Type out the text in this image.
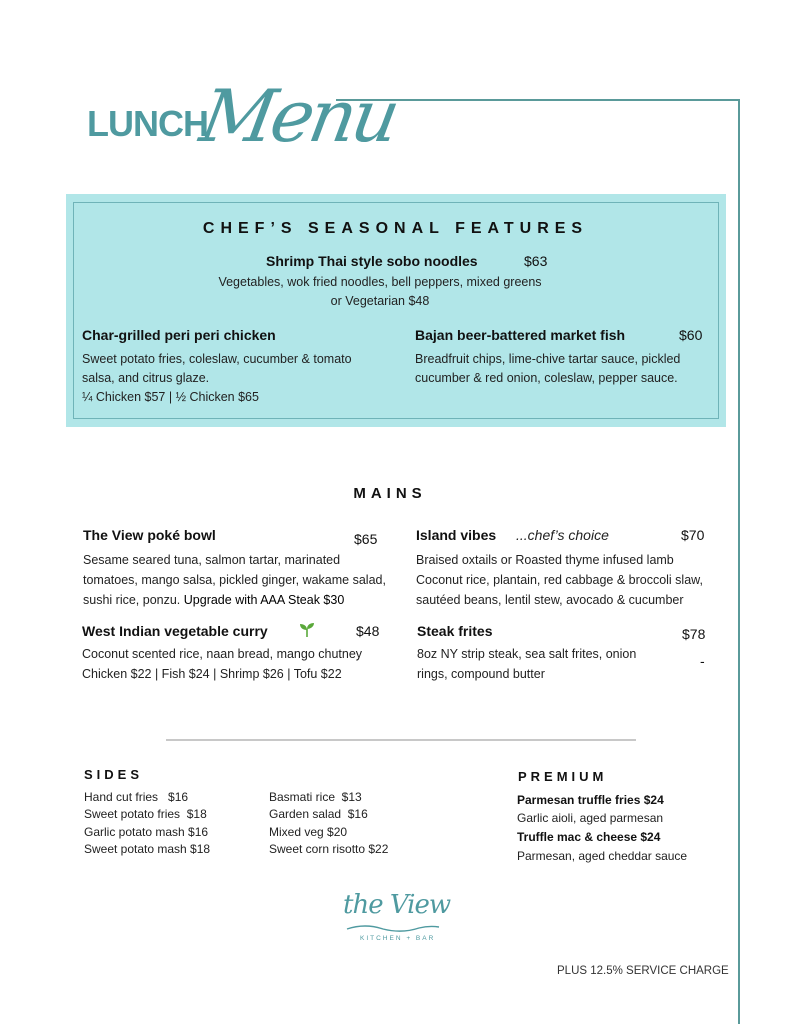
LUNCH
Menu
CHEF’S SEASONAL FEATURES
Shrimp Thai style sobo noodles	$63
Vegetables, wok fried noodles, bell peppers, mixed greens
or Vegetarian $48
Char-grilled peri peri chicken
Sweet potato fries, coleslaw, cucumber & tomato
salsa, and citrus glaze.
¼ Chicken $57 | ½ Chicken $65
Bajan beer-battered market fish	$60
Breadfruit chips, lime-chive tartar sauce, pickled
cucumber & red onion, coleslaw, pepper sauce.
MAINS
The View poké bowl	$65
Sesame seared tuna, salmon tartar, marinated
tomatoes, mango salsa, pickled ginger, wakame salad,
sushi rice, ponzu. Upgrade with AAA Steak $30
Island vibes ...chef’s choice	$70
Braised oxtails or Roasted thyme infused lamb
Coconut rice, plantain, red cabbage & broccoli slaw,
sautéed beans, lentil stew, avocado & cucumber
West Indian vegetable curry	$48
Coconut scented rice, naan bread, mango chutney
Chicken $22 | Fish $24 | Shrimp $26 | Tofu $22
Steak frites	$78
-
8oz NY strip steak, sea salt frites, onion
rings, compound butter
SIDES
Hand cut fries   $16
Sweet potato fries  $18
Garlic potato mash $16
Sweet potato mash $18
Basmati rice  $13
Garden salad  $16
Mixed veg $20
Sweet corn risotto $22
PREMIUM
Parmesan truffle fries $24
Garlic aioli, aged parmesan
Truffle mac & cheese $24
Parmesan, aged cheddar sauce
the View
KITCHEN + BAR
PLUS 12.5% SERVICE CHARGE
